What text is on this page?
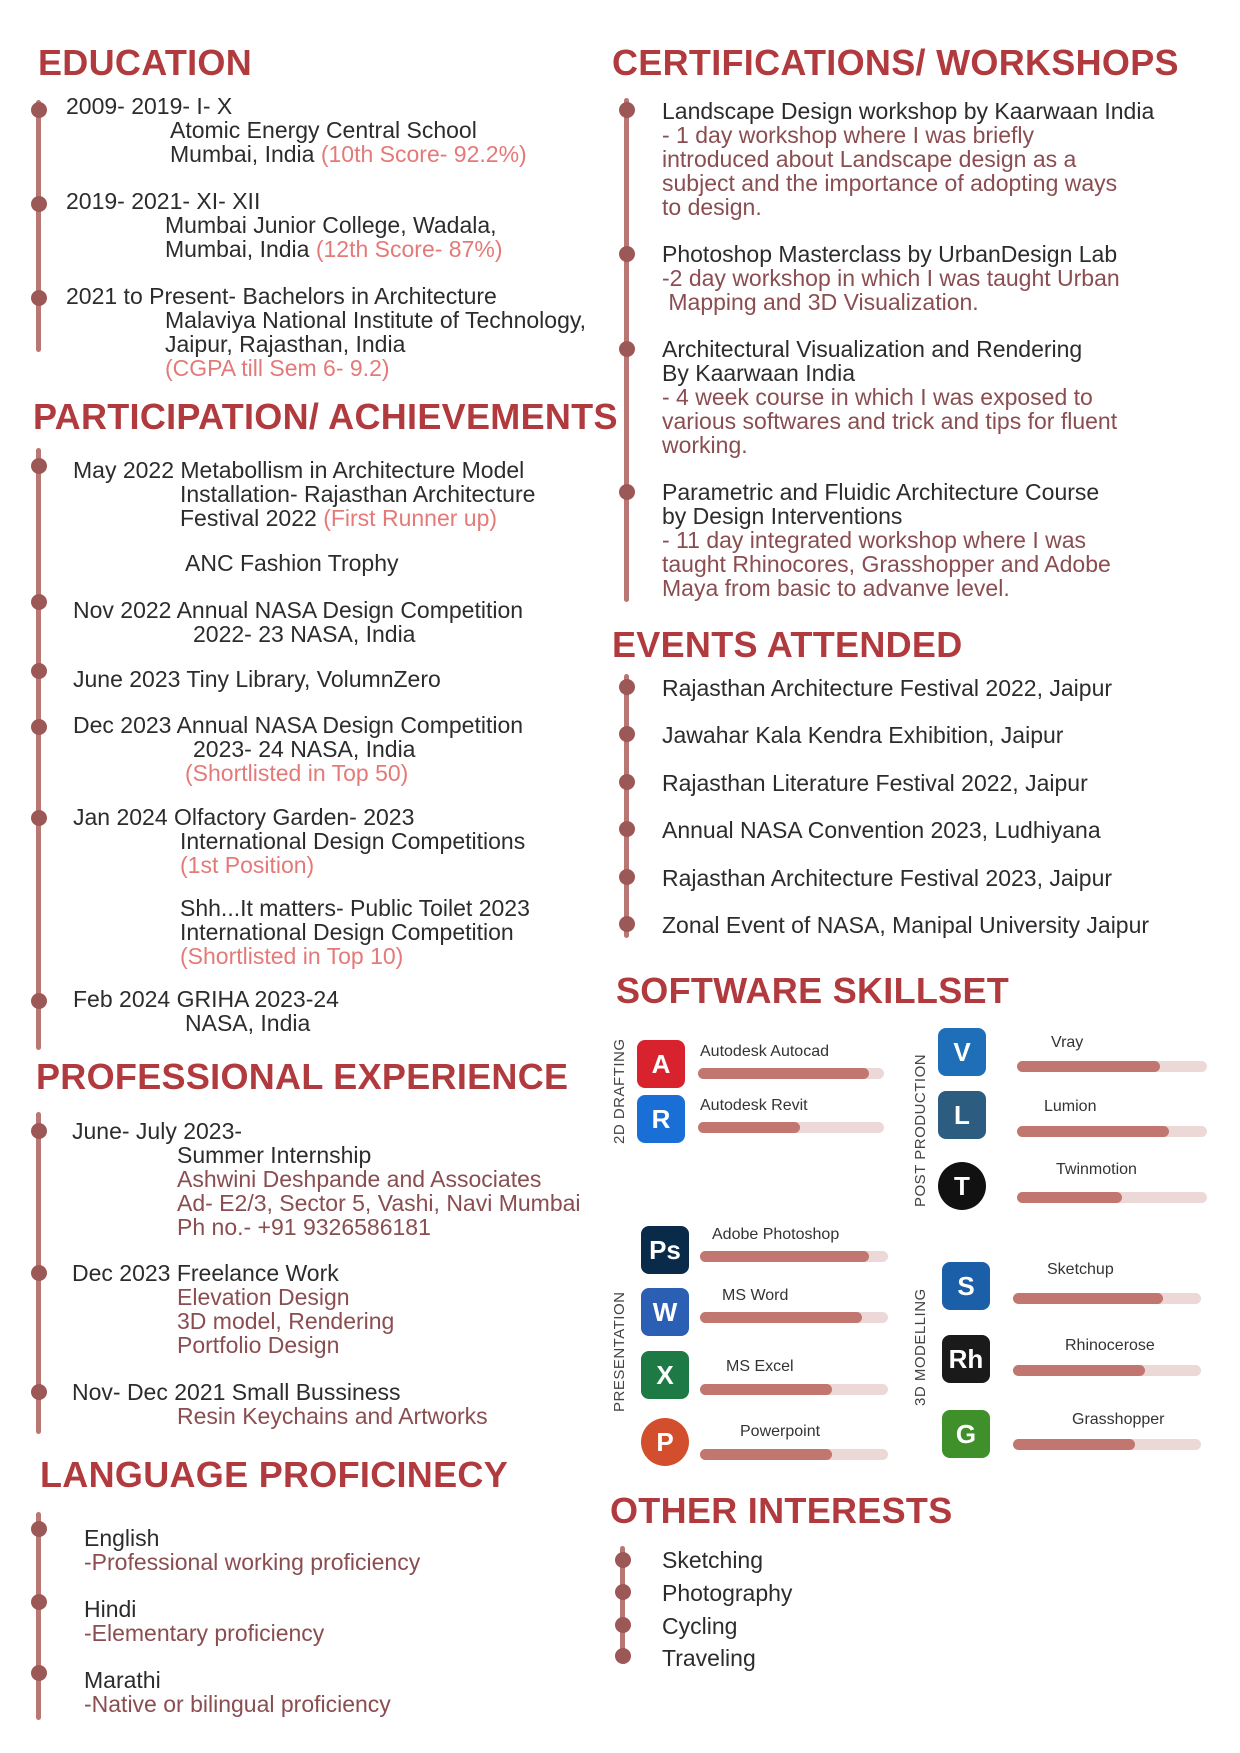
EDUCATION
2009- 2019- I- X
Atomic Energy Central School
Mumbai, India (10th Score- 92.2%)
2019- 2021- XI- XII
Mumbai Junior College, Wadala,
Mumbai, India (12th Score- 87%)
2021 to Present- Bachelors in Architecture
Malaviya National Institute of Technology,
Jaipur, Rajasthan, India
(CGPA till Sem 6- 9.2)
PARTICIPATION/ ACHIEVEMENTS
May 2022 Metabollism in Architecture Model
Installation- Rajasthan Architecture
Festival 2022 (First Runner up)
ANC Fashion Trophy
Nov 2022 Annual NASA Design Competition
2022- 23 NASA, India
June 2023 Tiny Library, VolumnZero
Dec 2023 Annual NASA Design Competition
2023- 24 NASA, India
(Shortlisted in Top 50)
Jan 2024 Olfactory Garden- 2023
International Design Competitions
(1st Position)
Shh...It matters- Public Toilet 2023
International Design Competition
(Shortlisted in Top 10)
Feb 2024 GRIHA 2023-24
NASA, India
PROFESSIONAL EXPERIENCE
June- July 2023-
Summer Internship
Ashwini Deshpande and Associates
Ad- E2/3, Sector 5, Vashi, Navi Mumbai
Ph no.- +91 9326586181
Dec 2023 Freelance Work
Elevation Design
3D model, Rendering
Portfolio Design
Nov- Dec 2021 Small Bussiness
Resin Keychains and Artworks
LANGUAGE PROFICINECY
English
-Professional working proficiency
Hindi
-Elementary proficiency
Marathi
-Native or bilingual proficiency
CERTIFICATIONS/ WORKSHOPS
Landscape Design workshop by Kaarwaan India
- 1 day workshop where I was briefly
introduced about Landscape design as a
subject and the importance of adopting ways
to design.
Photoshop Masterclass by UrbanDesign Lab
-2 day workshop in which I was taught Urban
Mapping and 3D Visualization.
Architectural Visualization and Rendering
By Kaarwaan India
- 4 week course in which I was exposed to
various softwares and trick and tips for fluent
working.
Parametric and Fluidic Architecture Course
by Design Interventions
- 11 day integrated workshop where I was
taught Rhinocores, Grasshopper and Adobe
Maya from basic to advanve level.
EVENTS ATTENDED
Rajasthan Architecture Festival 2022, Jaipur
Jawahar Kala Kendra Exhibition, Jaipur
Rajasthan Literature Festival 2022, Jaipur
Annual NASA Convention 2023, Ludhiyana
Rajasthan Architecture Festival 2023, Jaipur
Zonal Event of NASA, Manipal University Jaipur
SOFTWARE SKILLSET
2D DRAFTING	POST PRODUCTION
PRESENTATION	3D MODELLING
A	Autodesk Autocad
R	Autodesk Revit
V	Vray
L	Lumion
T
Twinmotion
Ps	Adobe Photoshop
W
MS Word
X	MS Excel
P	Powerpoint
S
Sketchup
Rh	Rhinocerose
G	Grasshopper
OTHER INTERESTS
Sketching
Photography
Cycling
Traveling
